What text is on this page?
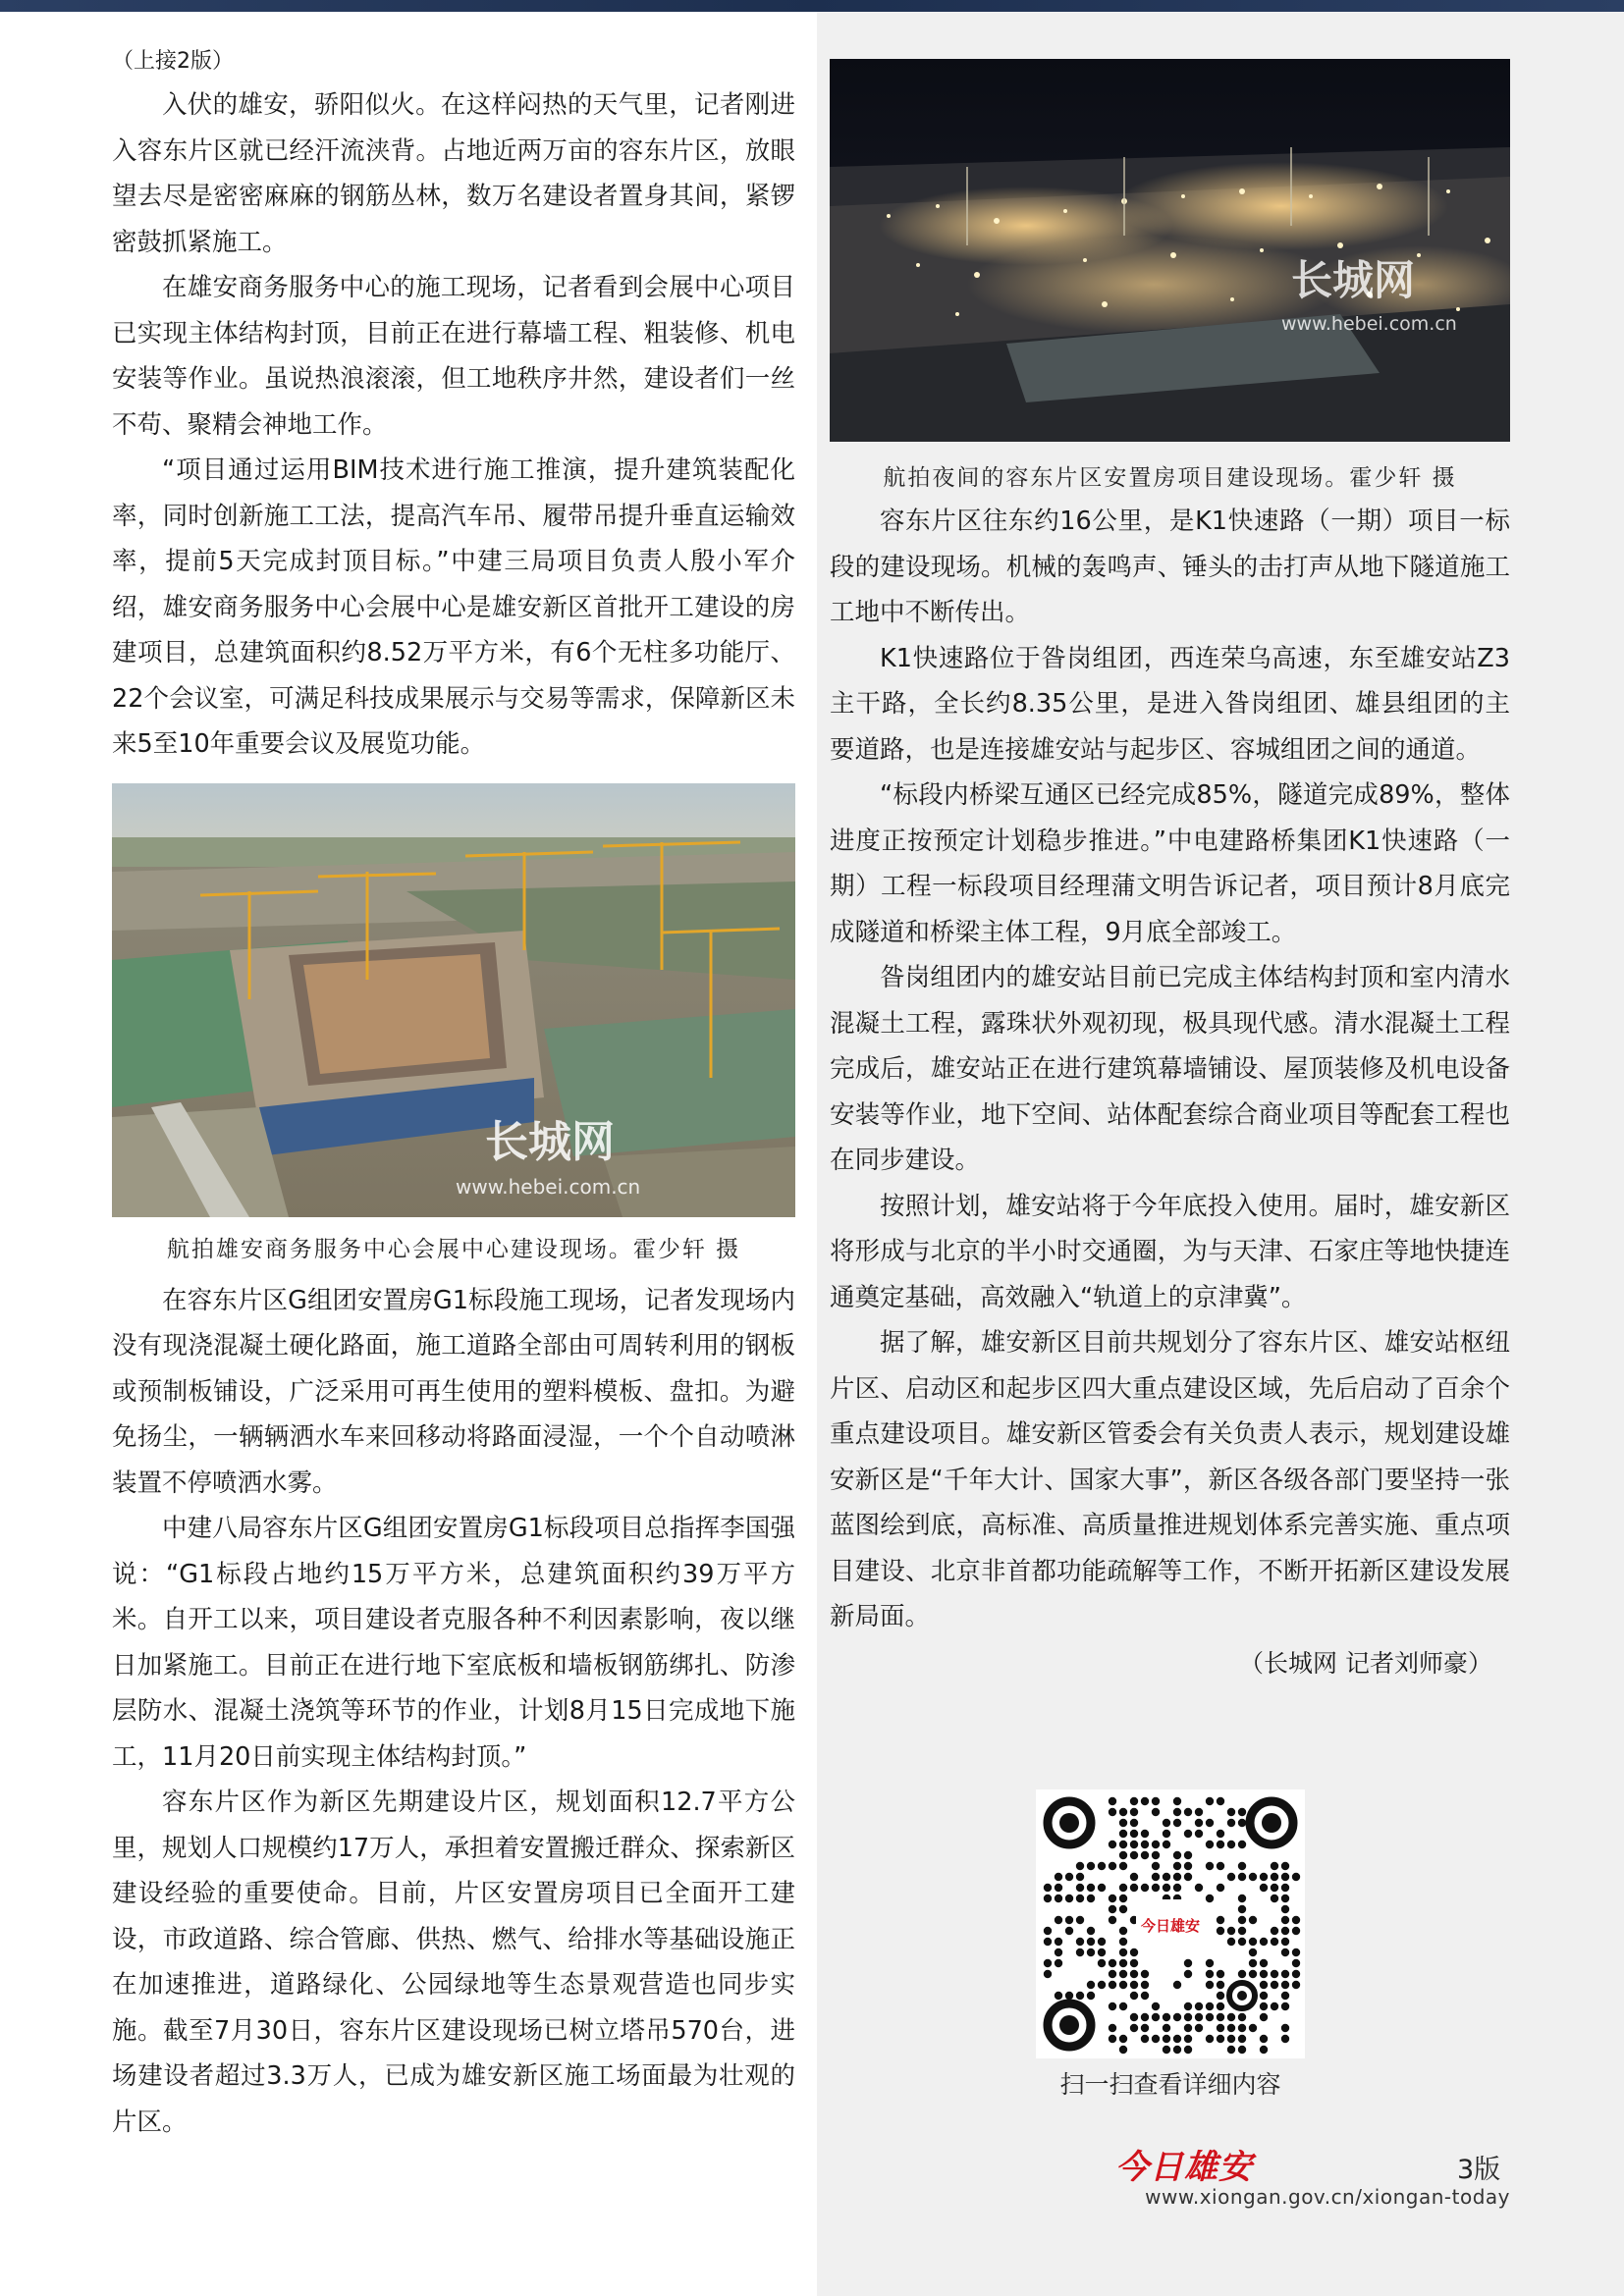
（上接2版）

入伏的雄安，骄阳似火。在这样闷热的天气里，记者刚进入容东片区就已经汗流浃背。占地近两万亩的容东片区，放眼望去尽是密密麻麻的钢筋丛林，数万名建设者置身其间，紧锣密鼓抓紧施工。

在雄安商务服务中心的施工现场，记者看到会展中心项目已实现主体结构封顶，目前正在进行幕墙工程、粗装修、机电安装等作业。虽说热浪滚滚，但工地秩序井然，建设者们一丝不苟、聚精会神地工作。

“项目通过运用BIM技术进行施工推演，提升建筑装配化率，同时创新施工工法，提高汽车吊、履带吊提升垂直运输效率，提前5天完成封顶目标。”中建三局项目负责人殷小军介绍，雄安商务服务中心会展中心是雄安新区首批开工建设的房建项目，总建筑面积约8.52万平方米，有6个无柱多功能厅、22个会议室，可满足科技成果展示与交易等需求，保障新区未来5至10年重要会议及展览功能。

长城网
www.hebei.com.cn
航拍雄安商务服务中心会展中心建设现场。霍少轩 摄

在容东片区G组团安置房G1标段施工现场，记者发现场内没有现浇混凝土硬化路面，施工道路全部由可周转利用的钢板或预制板铺设，广泛采用可再生使用的塑料模板、盘扣。为避免扬尘，一辆辆洒水车来回移动将路面浸湿，一个个自动喷淋装置不停喷洒水雾。

中建八局容东片区G组团安置房G1标段项目总指挥李国强说：“G1标段占地约15万平方米，总建筑面积约39万平方米。自开工以来，项目建设者克服各种不利因素影响，夜以继日加紧施工。目前正在进行地下室底板和墙板钢筋绑扎、防渗层防水、混凝土浇筑等环节的作业，计划8月15日完成地下施工，11月20日前实现主体结构封顶。”

容东片区作为新区先期建设片区，规划面积12.7平方公里，规划人口规模约17万人，承担着安置搬迁群众、探索新区建设经验的重要使命。目前，片区安置房项目已全面开工建设，市政道路、综合管廊、供热、燃气、给排水等基础设施正在加速推进，道路绿化、公园绿地等生态景观营造也同步实施。截至7月30日，容东片区建设现场已树立塔吊570台，进场建设者超过3.3万人，已成为雄安新区施工场面最为壮观的片区。

长城网
www.hebei.com.cn
航拍夜间的容东片区安置房项目建设现场。霍少轩 摄

容东片区往东约16公里，是K1快速路（一期）项目一标段的建设现场。机械的轰鸣声、锤头的击打声从地下隧道施工工地中不断传出。

K1快速路位于昝岗组团，西连荣乌高速，东至雄安站Z3主干路，全长约8.35公里，是进入昝岗组团、雄县组团的主要道路，也是连接雄安站与起步区、容城组团之间的通道。

“标段内桥梁互通区已经完成85%，隧道完成89%，整体进度正按预定计划稳步推进。”中电建路桥集团K1快速路（一期）工程一标段项目经理蒲文明告诉记者，项目预计8月底完成隧道和桥梁主体工程，9月底全部竣工。

昝岗组团内的雄安站目前已完成主体结构封顶和室内清水混凝土工程，露珠状外观初现，极具现代感。清水混凝土工程完成后，雄安站正在进行建筑幕墙铺设、屋顶装修及机电设备安装等作业，地下空间、站体配套综合商业项目等配套工程也在同步建设。

按照计划，雄安站将于今年底投入使用。届时，雄安新区将形成与北京的半小时交通圈，为与天津、石家庄等地快捷连通奠定基础，高效融入“轨道上的京津冀”。

据了解，雄安新区目前共规划分了容东片区、雄安站枢纽片区、启动区和起步区四大重点建设区域，先后启动了百余个重点建设项目。雄安新区管委会有关负责人表示，规划建设雄安新区是“千年大计、国家大事”，新区各级各部门要坚持一张蓝图绘到底，高标准、高质量推进规划体系完善实施、重点项目建设、北京非首都功能疏解等工作，不断开拓新区建设发展新局面。

（长城网 记者刘师豪）
今日雄安
扫一扫查看详细内容
今日雄安	3版
www.xiongan.gov.cn/xiongan-today
